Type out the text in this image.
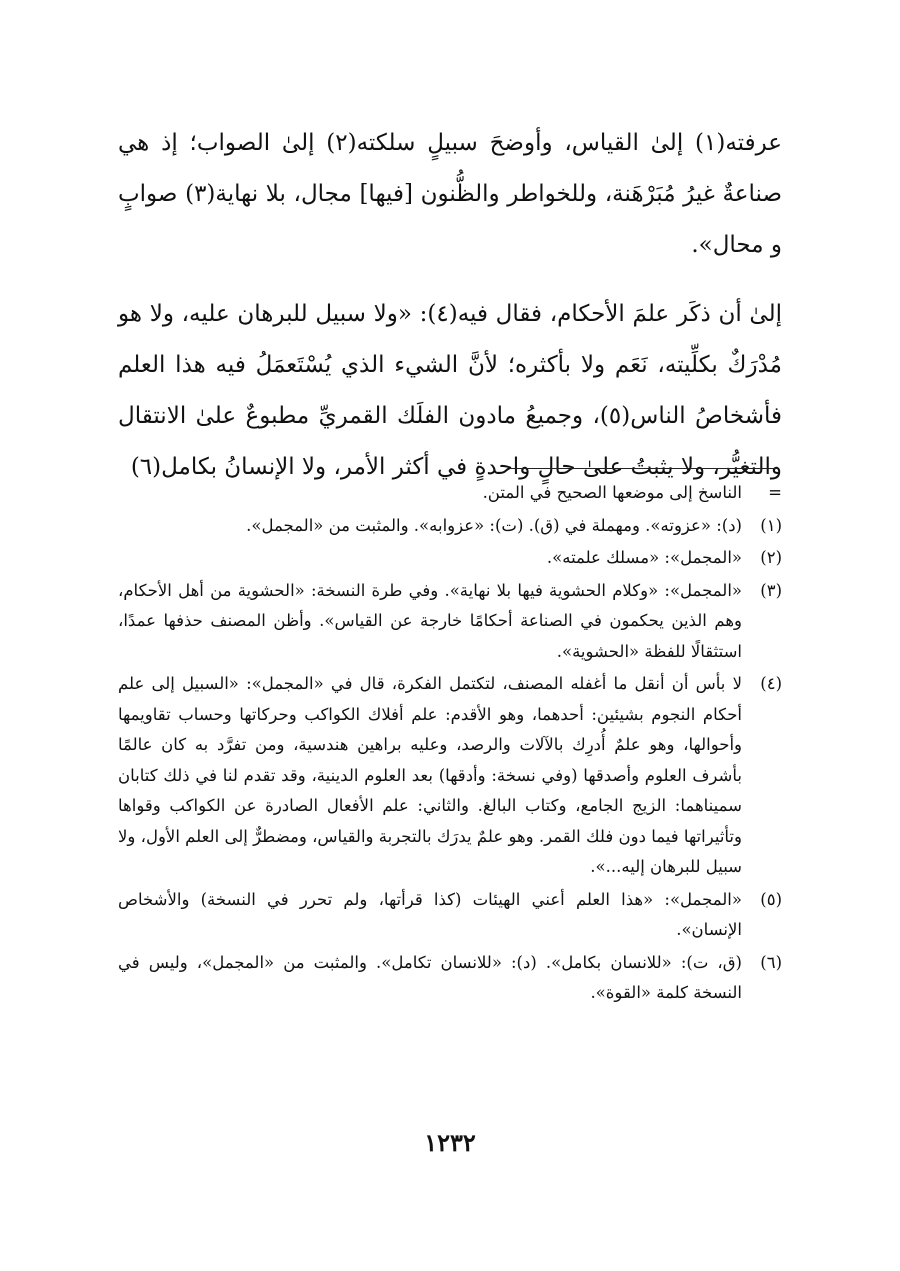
عرفته(١) إلىٰ القياس، وأوضحَ سبيلٍ سلكته(٢) إلىٰ الصواب؛ إذ هي صناعةٌ غيرُ مُبَرْهَنة، وللخواطر والظُّنون [فيها] مجال، بلا نهاية(٣) صوابٍ و محال».

إلىٰ أن ذكَر علمَ الأحكام، فقال فيه(٤): «ولا سبيل للبرهان عليه، ولا هو مُدْرَكٌ بكلِّيته، نَعَم ولا بأكثره؛ لأنَّ الشيء الذي يُسْتَعمَلُ فيه هذا العلم فأشخاصُ الناس(٥)، وجميعُ مادون الفلَك القمريِّ مطبوعٌ علىٰ الانتقال والتغيُّر، ولا يثبتُ علىٰ حالٍ واحدةٍ في أكثر الأمر، ولا الإنسانُ بكامل(٦)

=
الناسخ إلى موضعها الصحيح في المتن.
(١)
(د): «عزوته». ومهملة في (ق). (ت): «عزوابه». والمثبت من «المجمل».
(٢)
«المجمل»: «مسلك علمته».
(٣)
«المجمل»: «وكلام الحشوية فيها بلا نهاية». وفي طرة النسخة: «الحشوية من أهل الأحكام، وهم الذين يحكمون في الصناعة أحكامًا خارجة عن القياس». وأظن المصنف حذفها عمدًا، استثقالًا للفظة «الحشوية».
(٤)
لا بأس أن أنقل ما أغفله المصنف، لتكتمل الفكرة، قال في «المجمل»: «السبيل إلى علم أحكام النجوم بشيئين: أحدهما، وهو الأقدم: علم أفلاك الكواكب وحركاتها وحساب تقاويمها وأحوالها، وهو علمٌ أُدرِك بالآلات والرصد، وعليه براهين هندسية، ومن تفرَّد به كان عالمًا بأشرف العلوم وأصدقها (وفي نسخة: وأدقها) بعد العلوم الدينية، وقد تقدم لنا في ذلك كتابان سميناهما: الزيج الجامع، وكتاب البالغ. والثاني: علم الأفعال الصادرة عن الكواكب وقواها وتأثيراتها فيما دون فلك القمر. وهو علمٌ يدرَك بالتجربة والقياس، ومضطرٌّ إلى العلم الأول، ولا سبيل للبرهان إليه...».
(٥)
«المجمل»: «هذا العلم أعني الهيئات (كذا قرأتها، ولم تحرر في النسخة) والأشخاص الإنسان».
(٦)
(ق، ت): «للانسان بكامل». (د): «للانسان تكامل». والمثبت من «المجمل»، وليس في النسخة كلمة «القوة».
١٢٣٢
